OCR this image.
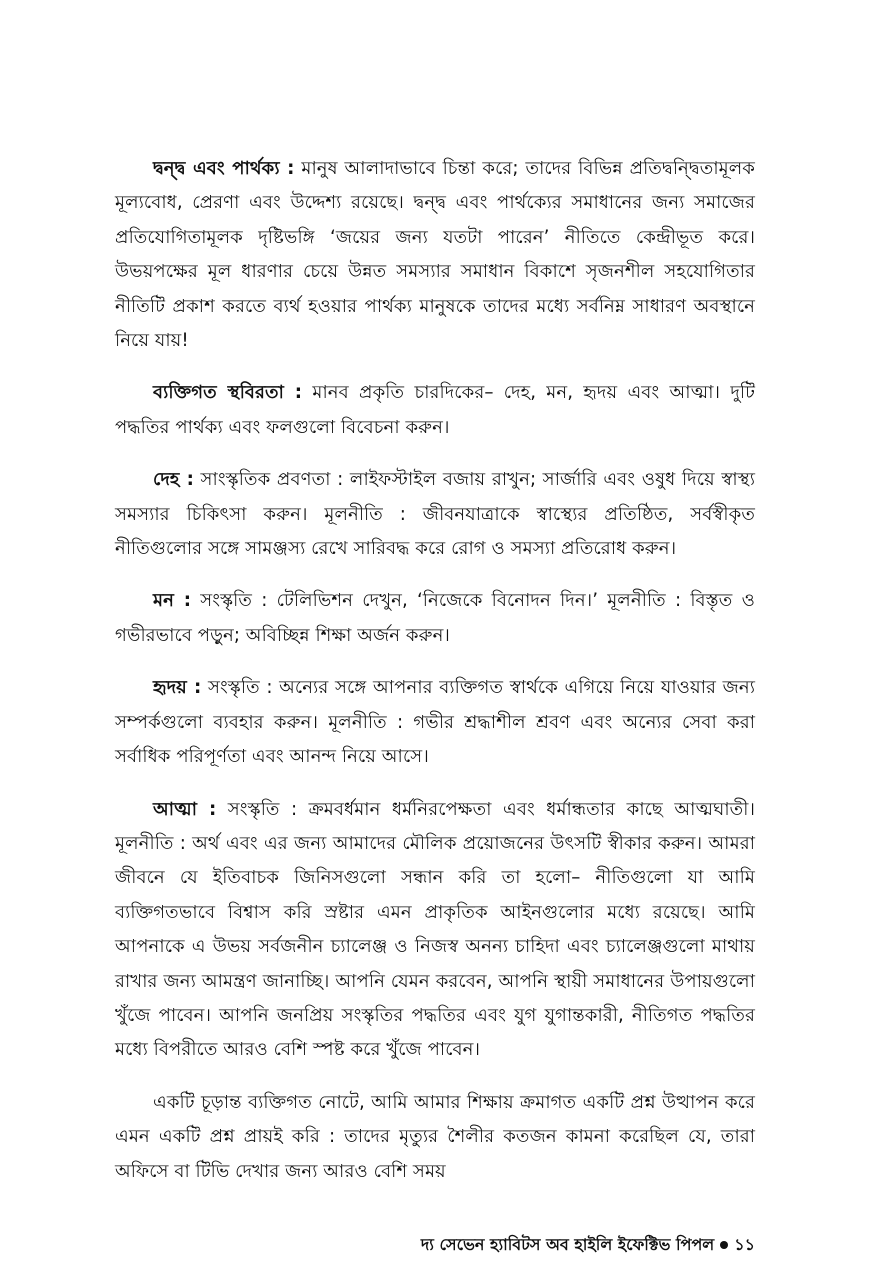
দ্বন্দ্ব এবং পার্থক্য : মানুষ আলাদাভাবে চিন্তা করে; তাদের বিভিন্ন প্রতিদ্বন্দ্বিতামূলক মূল্যবোধ, প্রেরণা এবং উদ্দেশ্য রয়েছে। দ্বন্দ্ব এবং পার্থক্যের সমাধানের জন্য সমাজের প্রতিযোগিতামূলক দৃষ্টিভঙ্গি ‘জয়ের জন্য যতটা পারেন’ নীতিতে কেন্দ্রীভূত করে। উভয়পক্ষের মূল ধারণার চেয়ে উন্নত সমস্যার সমাধান বিকাশে সৃজনশীল সহযোগিতার নীতিটি প্রকাশ করতে ব্যর্থ হওয়ার পার্থক্য মানুষকে তাদের মধ্যে সর্বনিম্ন সাধারণ অবস্থানে নিয়ে যায়!

ব্যক্তিগত স্থবিরতা : মানব প্রকৃতি চারদিকের– দেহ, মন, হৃদয় এবং আত্মা। দুটি পদ্ধতির পার্থক্য এবং ফলগুলো বিবেচনা করুন।

দেহ : সাংস্কৃতিক প্রবণতা : লাইফস্টাইল বজায় রাখুন; সার্জারি এবং ওষুধ দিয়ে স্বাস্থ্য সমস্যার চিকিৎসা করুন। মূলনীতি : জীবনযাত্রাকে স্বাস্থ্যের প্রতিষ্ঠিত, সর্বস্বীকৃত নীতিগুলোর সঙ্গে সামঞ্জস্য রেখে সারিবদ্ধ করে রোগ ও সমস্যা প্রতিরোধ করুন।

মন : সংস্কৃতি : টেলিভিশন দেখুন, ‘নিজেকে বিনোদন দিন।’ মূলনীতি : বিস্তৃত ও গভীরভাবে পড়ুন; অবিচ্ছিন্ন শিক্ষা অর্জন করুন।

হৃদয় : সংস্কৃতি : অন্যের সঙ্গে আপনার ব্যক্তিগত স্বার্থকে এগিয়ে নিয়ে যাওয়ার জন্য সম্পর্কগুলো ব্যবহার করুন। মূলনীতি : গভীর শ্রদ্ধাশীল শ্রবণ এবং অন্যের সেবা করা সর্বাধিক পরিপূর্ণতা এবং আনন্দ নিয়ে আসে।

আত্মা : সংস্কৃতি : ক্রমবর্ধমান ধর্মনিরপেক্ষতা এবং ধর্মান্ধতার কাছে আত্মঘাতী। মূলনীতি : অর্থ এবং এর জন্য আমাদের মৌলিক প্রয়োজনের উৎসটি স্বীকার করুন। আমরা জীবনে যে ইতিবাচক জিনিসগুলো সন্ধান করি তা হলো– নীতিগুলো যা আমি ব্যক্তিগতভাবে বিশ্বাস করি স্রষ্টার এমন প্রাকৃতিক আইনগুলোর মধ্যে রয়েছে। আমি আপনাকে এ উভয় সর্বজনীন চ্যালেঞ্জ ও নিজস্ব অনন্য চাহিদা এবং চ্যালেঞ্জগুলো মাথায় রাখার জন্য আমন্ত্রণ জানাচ্ছি। আপনি যেমন করবেন, আপনি স্থায়ী সমাধানের উপায়গুলো খুঁজে পাবেন। আপনি জনপ্রিয় সংস্কৃতির পদ্ধতির এবং যুগ যুগান্তকারী, নীতিগত পদ্ধতির মধ্যে বিপরীতে আরও বেশি স্পষ্ট করে খুঁজে পাবেন।

একটি চূড়ান্ত ব্যক্তিগত নোটে, আমি আমার শিক্ষায় ক্রমাগত একটি প্রশ্ন উত্থাপন করে এমন একটি প্রশ্ন প্রায়ই করি : তাদের মৃত্যুর শৈলীর কতজন কামনা করেছিল যে, তারা অফিসে বা টিভি দেখার জন্য আরও বেশি সময়

দ্য সেভেন হ্যাবিটস অব হাইলি ইফেক্টিভ পিপল ১১
